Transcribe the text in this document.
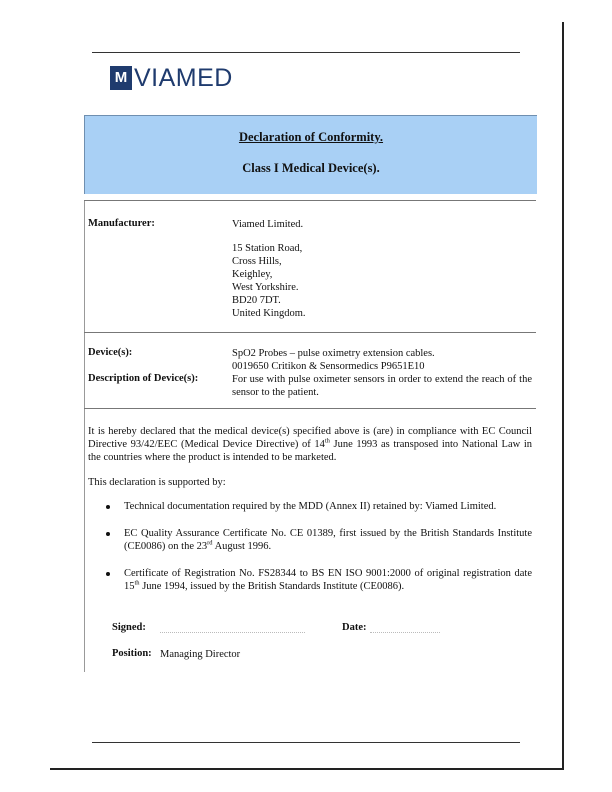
M VIAMED
Declaration of Conformity.
Class I Medical Device(s).
Manufacturer:	Viamed Limited.
15 Station Road,
Cross Hills,
Keighley,
West Yorkshire.
BD20 7DT.
United Kingdom.
Device(s):	SpO2 Probes – pulse oximetry extension cables.
0019650 Critikon & Sensormedics P9651E10
Description of Device(s):	For use with pulse oximeter sensors in order to extend the reach of the sensor to the patient.
It is hereby declared that the medical device(s) specified above is (are) in compliance with EC Council Directive 93/42/EEC (Medical Device Directive) of 14th June 1993 as transposed into National Law in the countries where the product is intended to be marketed.
This declaration is supported by:
Technical documentation required by the MDD (Annex II) retained by: Viamed Limited.
EC Quality Assurance Certificate No. CE 01389, first issued by the British Standards Institute (CE0086) on the 23rd August 1996.
Certificate of Registration No. FS28344 to BS EN ISO 9001:2000 of original registration date 15th June 1994, issued by the British Standards Institute (CE0086).
Signed:	Date:
Position: Managing Director
